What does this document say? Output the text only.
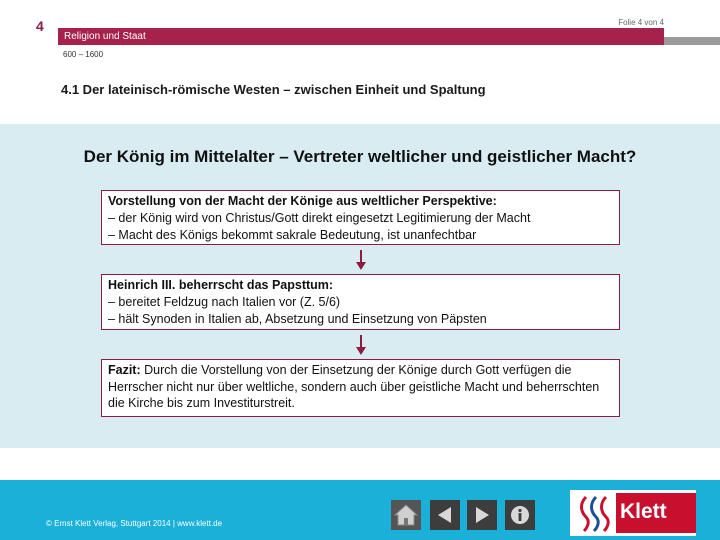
4
Religion und Staat
Folie 4 von 4
600 – 1600
4.1 Der lateinisch-römische Westen – zwischen Einheit und Spaltung
Der König im Mittelalter – Vertreter weltlicher und geistlicher Macht?
Vorstellung von der Macht der Könige aus weltlicher Perspektive:
– der König wird von Christus/Gott direkt eingesetzt Legitimierung der Macht
– Macht des Königs bekommt sakrale Bedeutung, ist unanfechtbar
Heinrich III. beherrscht das Papsttum:
– bereitet Feldzug nach Italien vor (Z. 5/6)
– hält Synoden in Italien ab, Absetzung und Einsetzung von Päpsten
Fazit: Durch die Vorstellung von der Einsetzung der Könige durch Gott verfügen die Herrscher nicht nur über weltliche, sondern auch über geistliche Macht und beherrschten die Kirche bis zum Investiturstreit.
© Ernst Klett Verlag, Stuttgart 2014 | www.klett.de
Klett
